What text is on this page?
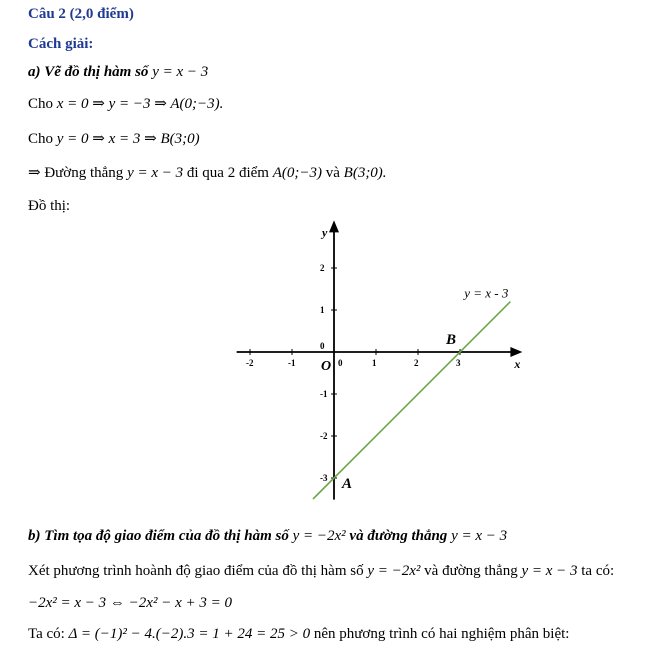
Câu 2 (2,0 điểm)
Cách giải:
a) Vẽ đồ thị hàm số y = x − 3
Cho x = 0 ⇒ y = −3 ⇒ A(0;−3).
Cho y = 0 ⇒ x = 3 ⇒ B(3;0)
⇒ Đường thẳng y = x − 3 đi qua 2 điểm A(0;−3) và B(3;0).
Đồ thị:
-2	-1	0	1	2	3
2
1
0
-1
-2
-3
y = x - 3
x
y
O
A
B
b) Tìm tọa độ giao điểm của đồ thị hàm số y = −2x² và đường thẳng y = x − 3
Xét phương trình hoành độ giao điểm của đồ thị hàm số y = −2x² và đường thẳng y = x − 3 ta có:
−2x² = x − 3 ⇔ −2x² − x + 3 = 0
Ta có: Δ = (−1)² − 4.(−2).3 = 1 + 24 = 25 > 0 nên phương trình có hai nghiệm phân biệt:
